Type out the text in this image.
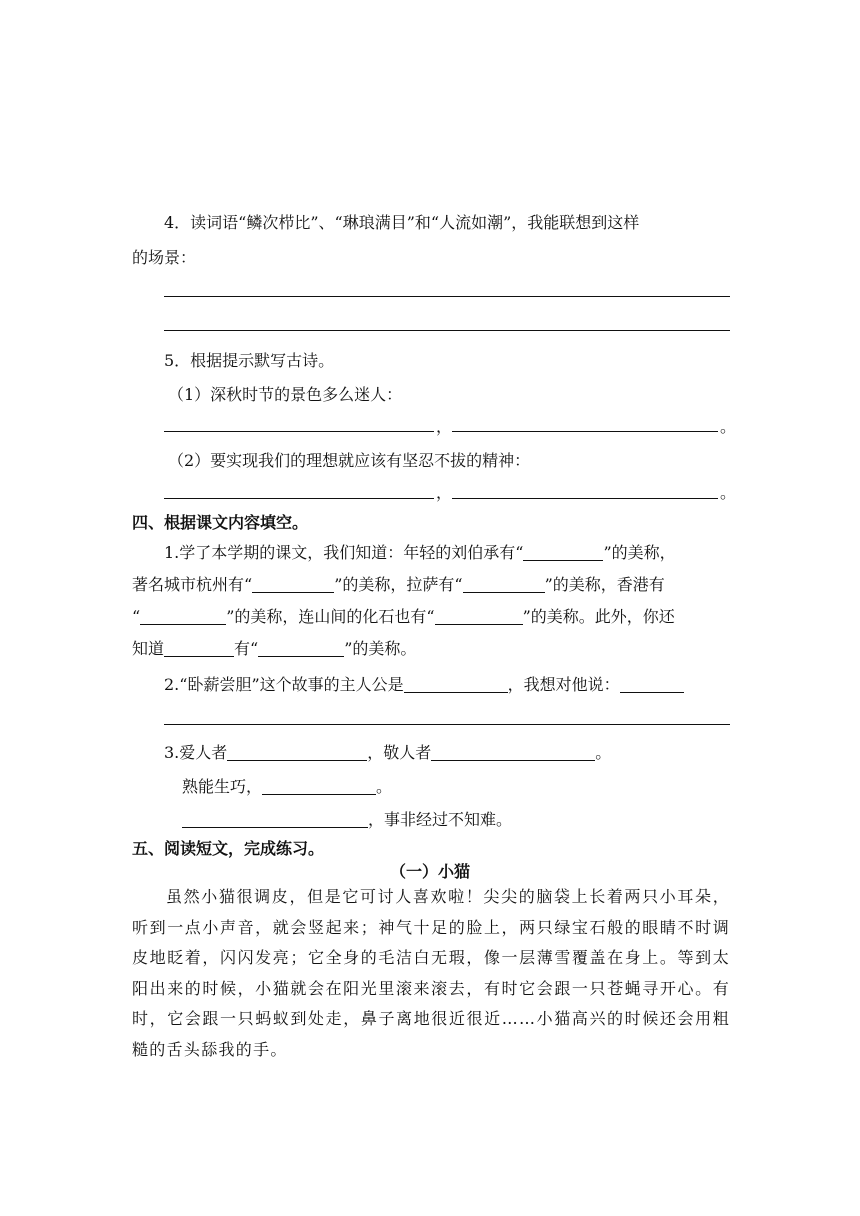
4．读词语“鳞次栉比”、“琳琅满目”和“人流如潮”，我能联想到这样
的场景：
5．根据提示默写古诗。
（1）深秋时节的景色多么迷人：
，	。
（2）要实现我们的理想就应该有坚忍不拔的精神：
，	。
四、根据课文内容填空。
1.学了本学期的课文，我们知道：年轻的刘伯承有“	”的美称，
著名城市杭州有“	”的美称，拉萨有“	”的美称，香港有
“	”的美称，连山间的化石也有“	”的美称。此外，你还
知道	有“	”的美称。
2.“卧薪尝胆”这个故事的主人公是	，我想对他说：
3.爱人者	，敬人者	。
熟能生巧，	。
，事非经过不知难。
五、阅读短文，完成练习。
（一）小猫
虽然小猫很调皮，但是它可讨人喜欢啦！尖尖的脑袋上长着两只小耳朵，听到一点小声音，就会竖起来；神气十足的脸上，两只绿宝石般的眼睛不时调皮地眨着，闪闪发亮；它全身的毛洁白无瑕，像一层薄雪覆盖在身上。等到太阳出来的时候，小猫就会在阳光里滚来滚去，有时它会跟一只苍蝇寻开心。有时，它会跟一只蚂蚁到处走，鼻子离地很近很近……小猫高兴的时候还会用粗糙的舌头舔我的手。
